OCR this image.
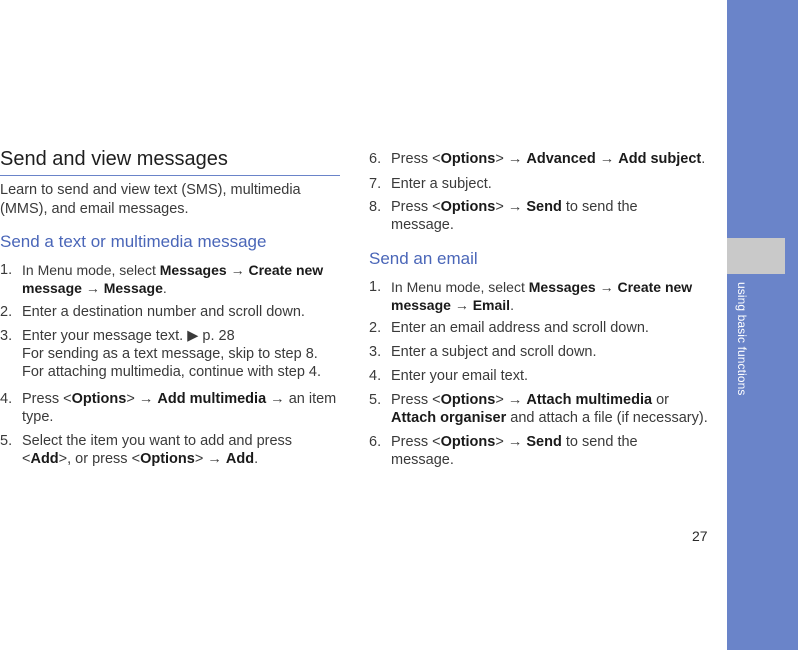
using basic functions
27
Send and view messages
Learn to send and view text (SMS), multimedia (MMS), and email messages.
Send a text or multimedia message
1. In Menu mode, select Messages → Create new
message → Message.
2. Enter a destination number and scroll down.
3. Enter your message text. ▶ p. 28
For sending as a text message, skip to step 8.
For attaching multimedia, continue with step 4.
4. Press <Options> → Add multimedia → an item
type.
5. Select the item you want to add and press
<Add>, or press <Options> → Add.
6. Press <Options> → Advanced → Add subject.
7. Enter a subject.
8. Press <Options> → Send to send the
message.
Send an email
1. In Menu mode, select Messages → Create new
message → Email.
2. Enter an email address and scroll down.
3. Enter a subject and scroll down.
4. Enter your email text.
5. Press <Options> → Attach multimedia or
Attach organiser and attach a file (if necessary).
6. Press <Options> → Send to send the
message.
